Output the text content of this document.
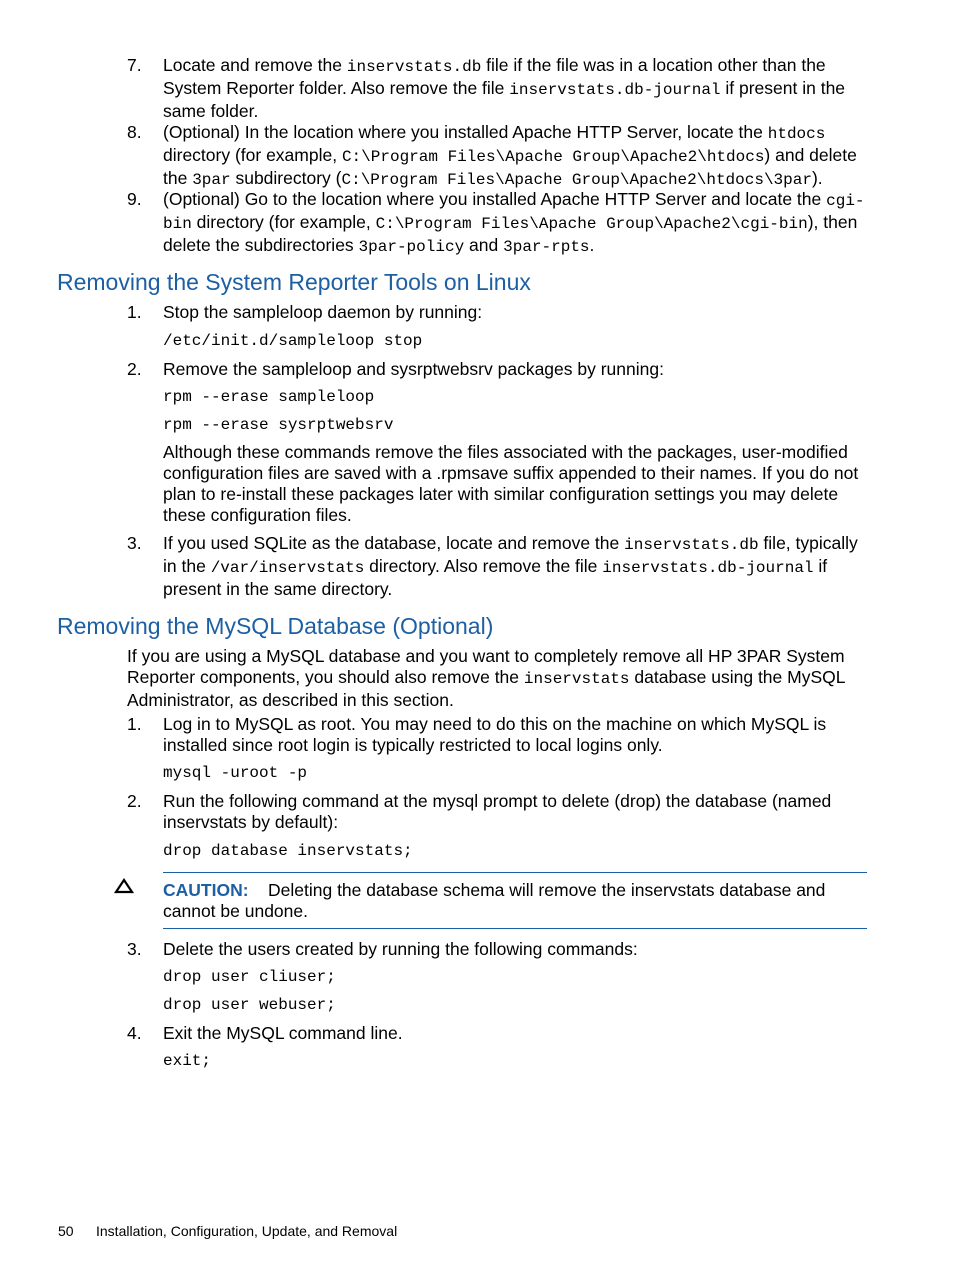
7. Locate and remove the inservstats.db file if the file was in a location other than the System Reporter folder. Also remove the file inservstats.db-journal if present in the same folder.

8. (Optional) In the location where you installed Apache HTTP Server, locate the htdocs directory (for example, C:\Program Files\Apache Group\Apache2\htdocs) and delete the 3par subdirectory (C:\Program Files\Apache Group\Apache2\htdocs\3par).

9. (Optional) Go to the location where you installed Apache HTTP Server and locate the cgi-bin directory (for example, C:\Program Files\Apache Group\Apache2\cgi-bin), then delete the subdirectories 3par-policy and 3par-rpts.

Removing the System Reporter Tools on Linux
1. Stop the sampleloop daemon by running:

/etc/init.d/sampleloop stop
2. Remove the sampleloop and sysrptwebsrv packages by running:

rpm --erase sampleloop
rpm --erase sysrptwebsrv

Although these commands remove the files associated with the packages, user-modified configuration files are saved with a .rpmsave suffix appended to their names. If you do not plan to re-install these packages later with similar configuration settings you may delete these configuration files.

3. If you used SQLite as the database, locate and remove the inservstats.db file, typically in the /var/inservstats directory. Also remove the file inservstats.db-journal if present in the same directory.

Removing the MySQL Database (Optional)

If you are using a MySQL database and you want to completely remove all HP 3PAR System Reporter components, you should also remove the inservstats database using the MySQL Administrator, as described in this section.

1. Log in to MySQL as root. You may need to do this on the machine on which MySQL is installed since root login is typically restricted to local logins only.

mysql -uroot -p
2. Run the following command at the mysql prompt to delete (drop) the database (named inservstats by default):

drop database inservstats;

CAUTION: Deleting the database schema will remove the inservstats database and cannot be undone.

3. Delete the users created by running the following commands:

drop user cliuser;
drop user webuser;
4. Exit the MySQL command line.

exit;
50 Installation, Configuration, Update, and Removal
